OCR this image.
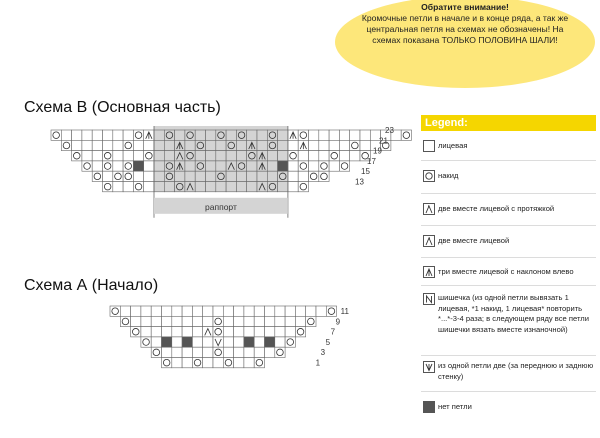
Обратите внимание!
Кромочные петли в начале и в конце ряда, а так же центральная петля на схемах не обозначены! На схемах показана ТОЛЬКО ПОЛОВИНА ШАЛИ!
Схема В (Основная часть)
раппорт
23
21
19
17
15
13
Схема А (Начало)
11
9
7
5
3
1
Legend:
лицевая
накид
две вместе лицевой с протяжкой
две вместе лицевой
три вместе лицевой с наклоном влево
шишечка (из одной петли вывязать 1 лицевая, *1 накид, 1 лицевая* повторить *...*-3-4 раза; в следующем ряду все петли шишечки вязать вместе изнаночной)
из одной петли две (за переднюю и заднюю стенку)
нет петли
